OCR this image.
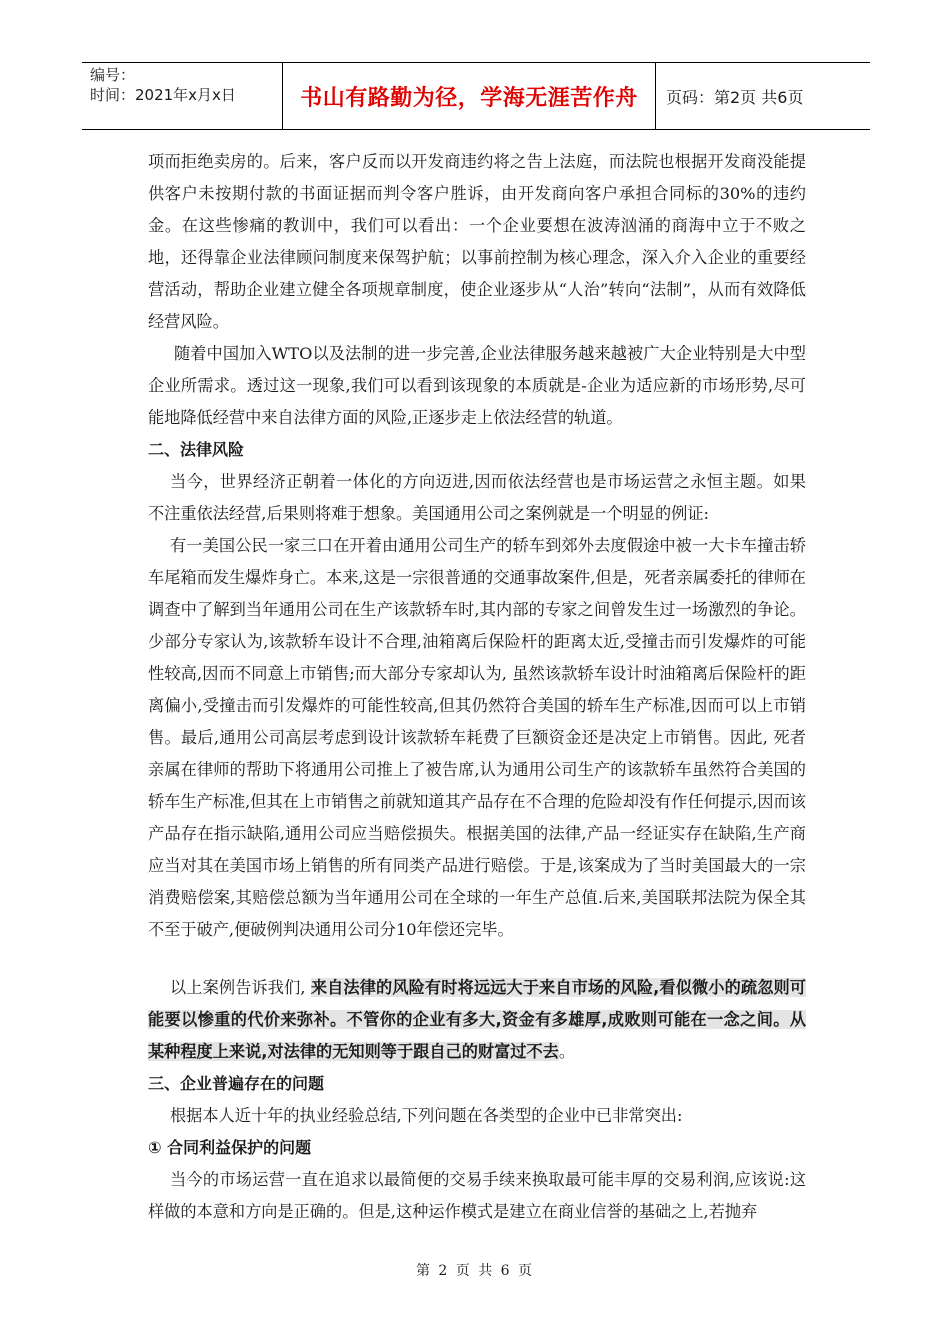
编号：
时间：2021年x月x日	书山有路勤为径，学海无涯苦作舟	页码：第2页 共6页

项而拒绝卖房的。后来，客户反而以开发商违约将之告上法庭，而法院也根据开发商没能提供客户未按期付款的书面证据而判令客户胜诉，由开发商向客户承担合同标的30%的违约金。在这些惨痛的教训中，我们可以看出：一个企业要想在波涛汹涌的商海中立于不败之地，还得靠企业法律顾问制度来保驾护航；以事前控制为核心理念，深入介入企业的重要经营活动，帮助企业建立健全各项规章制度，使企业逐步从“人治”转向“法制”，从而有效降低经营风险。

随着中国加入WTO以及法制的进一步完善,企业法律服务越来越被广大企业特别是大中型企业所需求。透过这一现象,我们可以看到该现象的本质就是-企业为适应新的市场形势,尽可能地降低经营中来自法律方面的风险,正逐步走上依法经营的轨道。

二、法律风险

当今，世界经济正朝着一体化的方向迈进,因而依法经营也是市场运营之永恒主题。如果不注重依法经营,后果则将难于想象。美国通用公司之案例就是一个明显的例证:

有一美国公民一家三口在开着由通用公司生产的轿车到郊外去度假途中被一大卡车撞击轿车尾箱而发生爆炸身亡。本来,这是一宗很普通的交通事故案件,但是，死者亲属委托的律师在调查中了解到当年通用公司在生产该款轿车时,其内部的专家之间曾发生过一场激烈的争论。少部分专家认为,该款轿车设计不合理,油箱离后保险杆的距离太近,受撞击而引发爆炸的可能性较高,因而不同意上市销售;而大部分专家却认为, 虽然该款轿车设计时油箱离后保险杆的距离偏小,受撞击而引发爆炸的可能性较高,但其仍然符合美国的轿车生产标准,因而可以上市销售。最后,通用公司高层考虑到设计该款轿车耗费了巨额资金还是决定上市销售。因此, 死者亲属在律师的帮助下将通用公司推上了被告席,认为通用公司生产的该款轿车虽然符合美国的轿车生产标准,但其在上市销售之前就知道其产品存在不合理的危险却没有作任何提示,因而该产品存在指示缺陷,通用公司应当赔偿损失。根据美国的法律,产品一经证实存在缺陷,生产商应当对其在美国市场上销售的所有同类产品进行赔偿。于是,该案成为了当时美国最大的一宗消费赔偿案,其赔偿总额为当年通用公司在全球的一年生产总值.后来,美国联邦法院为保全其不至于破产,便破例判决通用公司分10年偿还完毕。

以上案例告诉我们, 来自法律的风险有时将远远大于来自市场的风险,看似微小的疏忽则可能要以惨重的代价来弥补。不管你的企业有多大,资金有多雄厚,成败则可能在一念之间。从某种程度上来说,对法律的无知则等于跟自己的财富过不去。

三、企业普遍存在的问题

根据本人近十年的执业经验总结,下列问题在各类型的企业中已非常突出:

① 合同利益保护的问题

当今的市场运营一直在追求以最简便的交易手续来换取最可能丰厚的交易利润,应该说:这样做的本意和方向是正确的。但是,这种运作模式是建立在商业信誉的基础之上,若抛弃

第 2 页 共 6 页
